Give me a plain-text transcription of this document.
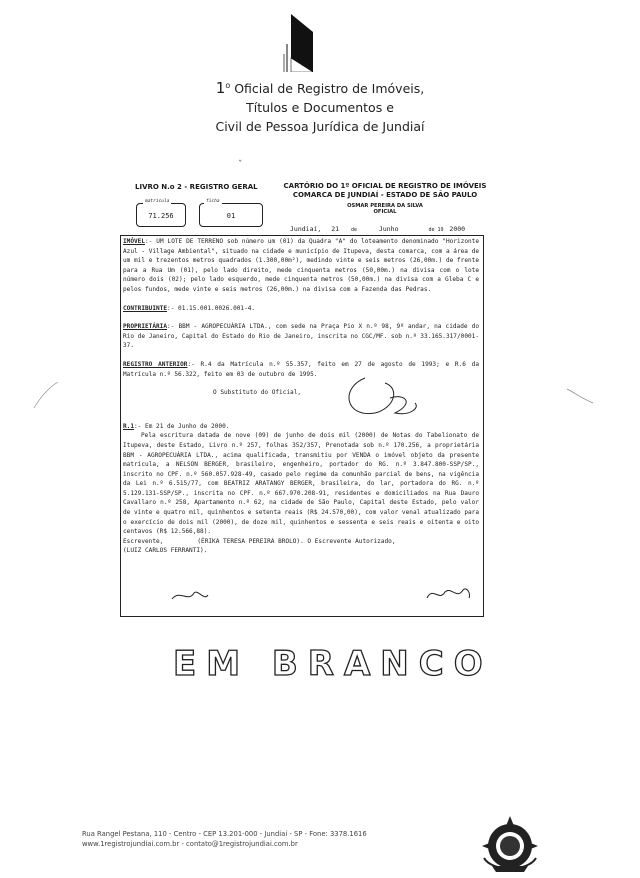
1$^o$ Oficial de Registro de Imóveis,
Títulos e Documentos e
Civil de Pessoa Jurídica de Jundiaí
ˇ
LIVRO N.o 2 - REGISTRO GERAL	CARTÓRIO DO 1º OFICIAL DE REGISTRO DE IMÓVEIS
COMARCA DE JUNDIAÍ - ESTADO DE SÃO PAULO
OSMAR PEREIRA DA SILVA
OFICIAL
matrícula
71.256
ficha
01
Jundiaí, 21 de	Junho	de 19 2000

IMÓVEL:- UM LOTE DE TERRENO sob número um (01) da Quadra "A" do loteamento denominado "Horizonte Azul - Village Ambiental", situado na cidade e município de Itupeva, desta comarca, com a área de um mil e trezentos metros quadrados (1.300,00m²), medindo vinte e seis metros (26,00m.) de frente para a Rua Um (01), pelo lado direito, mede cinquenta metros (50,00m.) na divisa com o lote número dois (02); pelo lado esquerdo, mede cinquenta metros (50,00m.) na divisa com a Gleba C e pelos fundos, mede vinte e seis metros (26,00m.) na divisa com a Fazenda das Pedras.

CONTRIBUINTE:- 01.15.001.0026.001-4.

PROPRIETÁRIA:- BBM - AGROPECUÁRIA LTDA., com sede na Praça Pio X n.º 98, 9º andar, na cidade do Rio de Janeiro, Capital do Estado do Rio de Janeiro, inscrita no CGC/MF. sob n.º 33.165.317/0001-37.

REGISTRO ANTERIOR:- R.4 da Matrícula n.º 55.357, feito em 27 de agosto de 1993; e R.6 da Matrícula n.º 56.322, feito em 03 de outubro de 1995.

O Substituto do Oficial,

R.1:- Em 21 de Junho de 2000.

Pela escritura datada de nove (09) de junho de dois mil (2000) de Notas do Tabelionato de Itupeva, deste Estado, Livro n.º 257, folhas 352/357, Prenotada sob n.º 170.256, a proprietária BBM - AGROPECUÁRIA LTDA., acima qualificada, transmitiu por VENDA o imóvel objeto da presente matrícula, a NELSON BERGER, brasileiro, engenheiro, portador do RG. n.º 3.847.800-SSP/SP., inscrito no CPF. n.º 560.057.928-49, casado pelo regime da comunhão parcial de bens, na vigência da Lei n.º 6.515/77, com BEATRIZ ARATANGY BERGER, brasileira, do lar, portadora do RG. n.º 5.129.131-SSP/SP., inscrita no CPF. n.º 667.970.208-91, residentes e domiciliados na Rua Dauro Cavallaro n.º 258, Apartamento n.º 62, na cidade de São Paulo, Capital deste Estado, pelo valor de vinte e quatro mil, quinhentos e setenta reais (R$ 24.570,00), com valor venal atualizado para o exercício de dois mil (2000), de doze mil, quinhentos e sessenta e seis reais e oitenta e oito centavos (R$ 12.566,88).

Escrevente,	(ÉRIKA TERESA PEREIRA BROLO). O Escrevente Autorizado,

(LUIZ CARLOS FERRANTI).

EM BRANCO
Rua Rangel Pestana, 110 - Centro - CEP 13.201-000 - Jundiaí - SP - Fone: 3378.1616
www.1registrojundiai.com.br - contato@1registrojundiai.com.br
